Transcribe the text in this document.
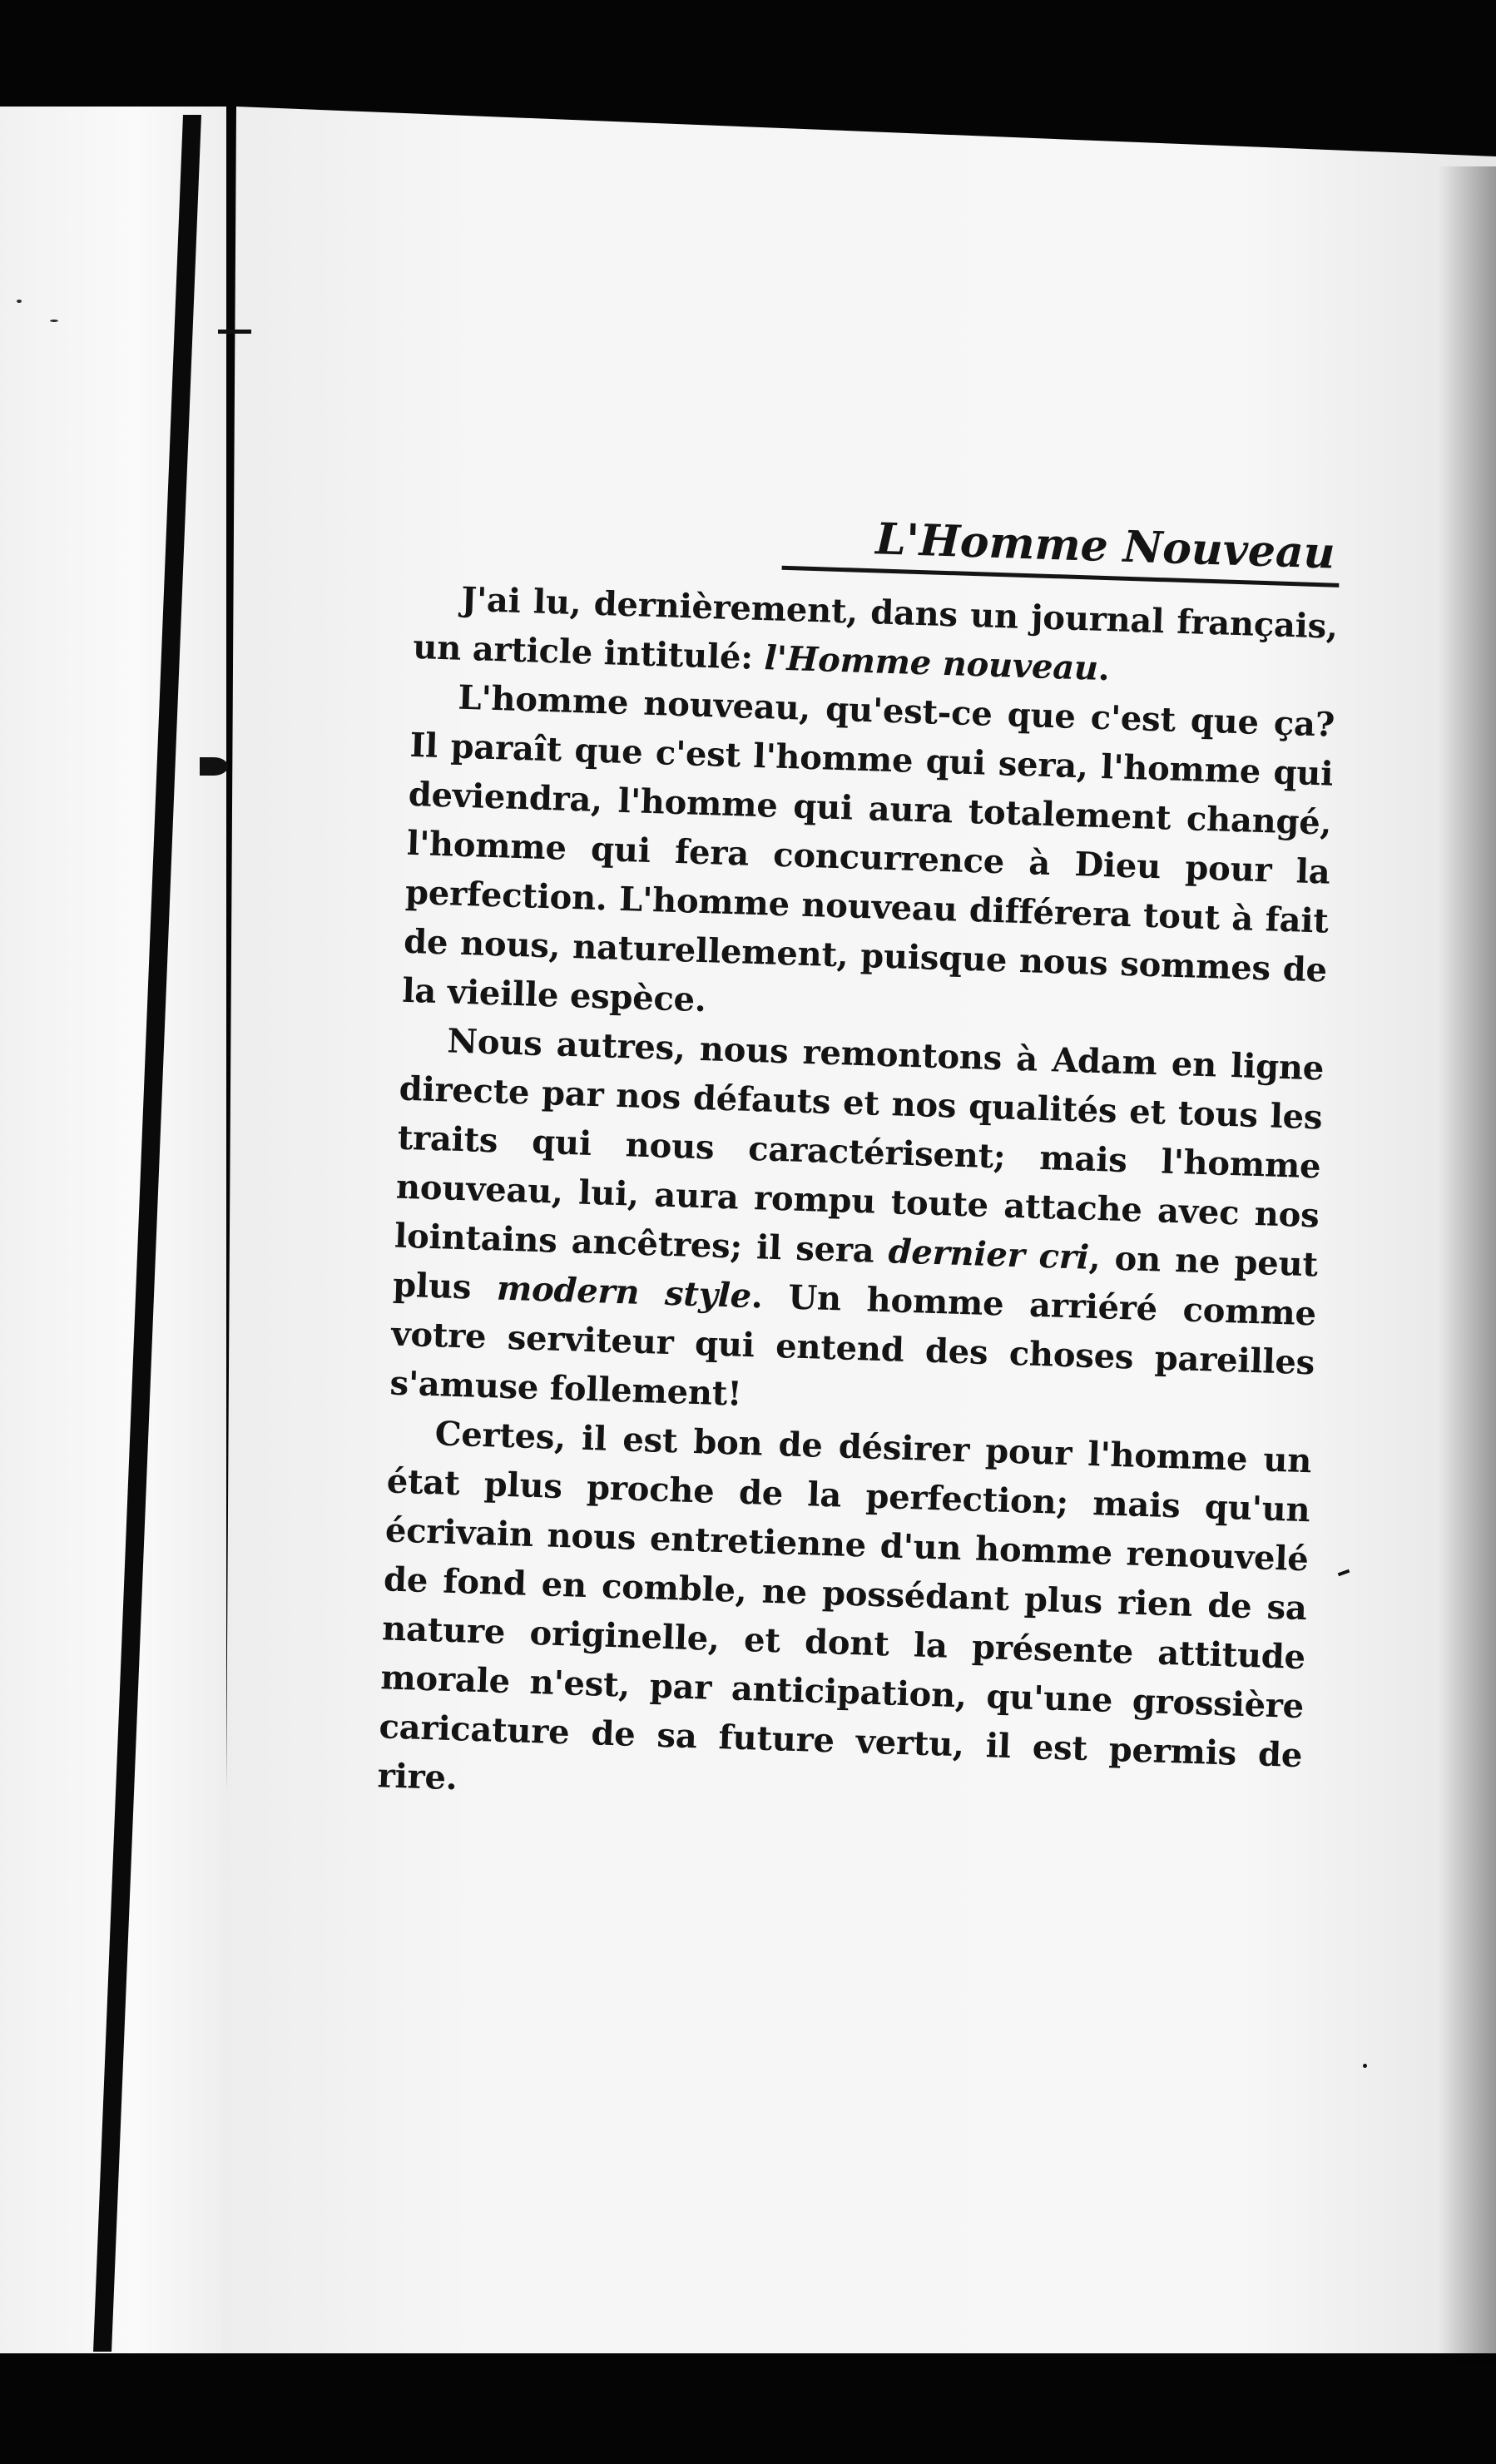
L'Homme Nouveau

J'ai lu, dernièrement, dans un journal français, un article intitulé: l'Homme nouveau.

L'homme nouveau, qu'est-ce que c'est que ça? Il paraît que c'est l'homme qui sera, l'homme qui deviendra, l'homme qui aura totalement changé, l'homme qui fera concurrence à Dieu pour la perfection. L'homme nouveau différera tout à fait de nous, naturellement, puisque nous sommes de la vieille espèce.

Nous autres, nous remontons à Adam en ligne directe par nos défauts et nos qualités et tous les traits qui nous caractérisent; mais l'homme nouveau, lui, aura rompu toute attache avec nos lointains ancêtres; il sera dernier cri, on ne peut plus modern style. Un homme arriéré comme votre serviteur qui entend des choses pareilles s'amuse follement!

Certes, il est bon de désirer pour l'homme un état plus proche de la perfection; mais qu'un écrivain nous entretienne d'un homme renouvelé de fond en comble, ne possédant plus rien de sa nature originelle, et dont la présente attitude morale n'est, par anticipation, qu'une grossière caricature de sa future vertu, il est permis de rire.
